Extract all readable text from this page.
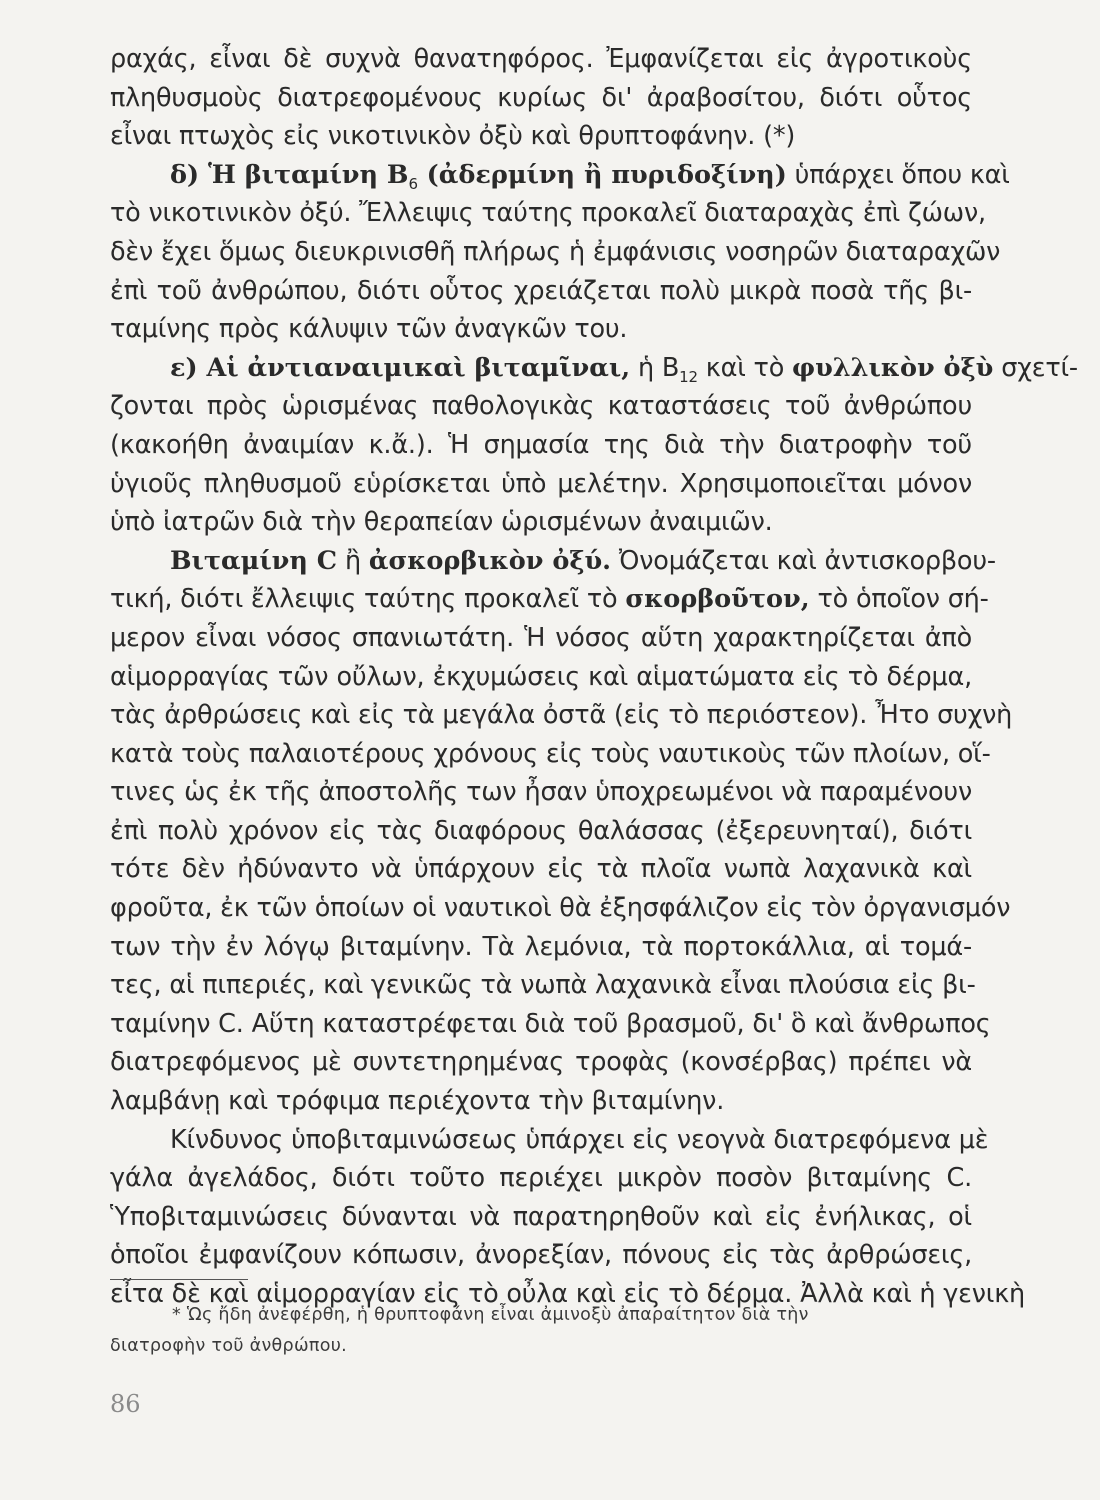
ραχάς, εἶναι δὲ συχνὰ θανατηφόρος. Ἐμφανίζεται εἰς ἀγροτικοὺς
πληθυσμοὺς διατρεφομένους κυρίως δι' ἀραβοσίτου, διότι οὗτος
εἶναι πτωχὸς εἰς νικοτινικὸν ὀξὺ καὶ θρυπτοφάνην. (*)
δ) Ἡ βιταμίνη $B_6$ (ἀδερμίνη ἢ πυριδοξίνη) ὑπάρχει ὅπου καὶ
τὸ νικοτινικὸν ὀξύ. Ἔλλειψις ταύτης προκαλεῖ διαταραχὰς ἐπὶ ζώων,
δὲν ἔχει ὅμως διευκρινισθῆ πλήρως ἡ ἐμφάνισις νοσηρῶν διαταραχῶν
ἐπὶ τοῦ ἀνθρώπου, διότι οὗτος χρειάζεται πολὺ μικρὰ ποσὰ τῆς βι-
ταμίνης πρὸς κάλυψιν τῶν ἀναγκῶν του.
ε) Αἱ ἀντιαναιμικαὶ βιταμῖναι, ἡ $B_{12}$ καὶ τὸ φυλλικὸν ὀξὺ σχετί-
ζονται πρὸς ὡρισμένας παθολογικὰς καταστάσεις τοῦ ἀνθρώπου
(κακοήθη ἀναιμίαν κ.ἄ.). Ἡ σημασία της διὰ τὴν διατροφὴν τοῦ
ὑγιοῦς πληθυσμοῦ εὑρίσκεται ὑπὸ μελέτην. Χρησιμοποιεῖται μόνον
ὑπὸ ἰατρῶν διὰ τὴν θεραπείαν ὡρισμένων ἀναιμιῶν.
Βιταμίνη C ἢ ἀσκορβικὸν ὀξύ. Ὀνομάζεται καὶ ἀντισκορβου-
τική, διότι ἔλλειψις ταύτης προκαλεῖ τὸ σκορβοῦτον, τὸ ὁποῖον σή-
μερον εἶναι νόσος σπανιωτάτη. Ἡ νόσος αὕτη χαρακτηρίζεται ἀπὸ
αἱμορραγίας τῶν οὔλων, ἐκχυμώσεις καὶ αἱματώματα εἰς τὸ δέρμα,
τὰς ἀρθρώσεις καὶ εἰς τὰ μεγάλα ὀστᾶ (εἰς τὸ περιόστεον). Ἦτο συχνὴ
κατὰ τοὺς παλαιοτέρους χρόνους εἰς τοὺς ναυτικοὺς τῶν πλοίων, οἵ-
τινες ὡς ἐκ τῆς ἀποστολῆς των ἦσαν ὑποχρεωμένοι νὰ παραμένουν
ἐπὶ πολὺ χρόνον εἰς τὰς διαφόρους θαλάσσας (ἐξερευνηταί), διότι
τότε δὲν ἠδύναντο νὰ ὑπάρχουν εἰς τὰ πλοῖα νωπὰ λαχανικὰ καὶ
φροῦτα, ἐκ τῶν ὁποίων οἱ ναυτικοὶ θὰ ἐξησφάλιζον εἰς τὸν ὀργανισμόν
των τὴν ἐν λόγῳ βιταμίνην. Τὰ λεμόνια, τὰ πορτοκάλλια, αἱ τομά-
τες, αἱ πιπεριές, καὶ γενικῶς τὰ νωπὰ λαχανικὰ εἶναι πλούσια εἰς βι-
ταμίνην C. Αὕτη καταστρέφεται διὰ τοῦ βρασμοῦ, δι' ὃ καὶ ἄνθρωπος
διατρεφόμενος μὲ συντετηρημένας τροφὰς (κονσέρβας) πρέπει νὰ
λαμβάνῃ καὶ τρόφιμα περιέχοντα τὴν βιταμίνην.
Κίνδυνος ὑποβιταμινώσεως ὑπάρχει εἰς νεογνὰ διατρεφόμενα μὲ
γάλα ἀγελάδος, διότι τοῦτο περιέχει μικρὸν ποσὸν βιταμίνης C.
Ὑποβιταμινώσεις δύνανται νὰ παρατηρηθοῦν καὶ εἰς ἐνήλικας, οἱ
ὁποῖοι ἐμφανίζουν κόπωσιν, ἀνορεξίαν, πόνους εἰς τὰς ἀρθρώσεις,
εἶτα δὲ καὶ αἱμορραγίαν εἰς τὸ οὖλα καὶ εἰς τὸ δέρμα. Ἀλλὰ καὶ ἡ γενικὴ
* Ὡς ἤδη ἀνεφέρθη, ἡ θρυπτοφάνη εἶναι ἀμινοξὺ ἀπαραίτητον διὰ τὴν
διατροφὴν τοῦ ἀνθρώπου.
86
